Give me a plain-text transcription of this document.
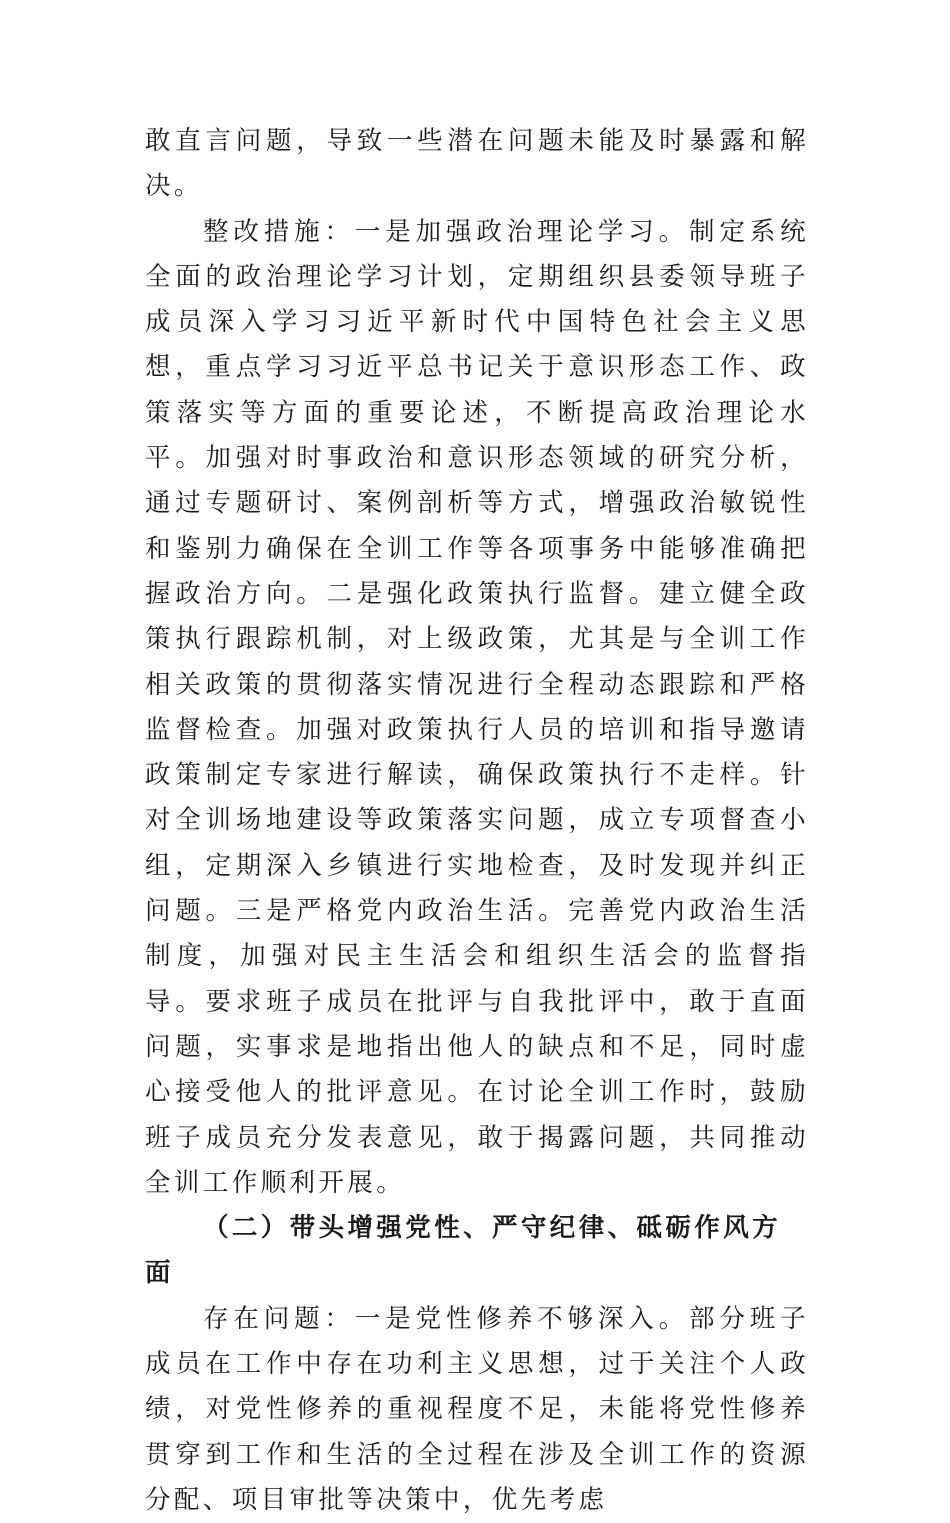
敢直言问题，导致一些潜在问题未能及时暴露和解决。

整改措施：一是加强政治理论学习。制定系统全面的政治理论学习计划，定期组织县委领导班子成员深入学习习近平新时代中国特色社会主义思想，重点学习习近平总书记关于意识形态工作、政策落实等方面的重要论述，不断提高政治理论水平。加强对时事政治和意识形态领域的研究分析，通过专题研讨、案例剖析等方式，增强政治敏锐性和鉴别力确保在全训工作等各项事务中能够准确把握政治方向。二是强化政策执行监督。建立健全政策执行跟踪机制，对上级政策，尤其是与全训工作相关政策的贯彻落实情况进行全程动态跟踪和严格监督检查。加强对政策执行人员的培训和指导邀请政策制定专家进行解读，确保政策执行不走样。针对全训场地建设等政策落实问题，成立专项督查小组，定期深入乡镇进行实地检查，及时发现并纠正问题。三是严格党内政治生活。完善党内政治生活制度，加强对民主生活会和组织生活会的监督指导。要求班子成员在批评与自我批评中，敢于直面问题，实事求是地指出他人的缺点和不足，同时虚心接受他人的批评意见。在讨论全训工作时，鼓励班子成员充分发表意见，敢于揭露问题，共同推动全训工作顺利开展。

（二）带头增强党性、严守纪律、砥砺作风方面

存在问题：一是党性修养不够深入。部分班子成员在工作中存在功利主义思想，过于关注个人政绩，对党性修养的重视程度不足，未能将党性修养贯穿到工作和生活的全过程在涉及全训工作的资源分配、项目审批等决策中，优先考虑
